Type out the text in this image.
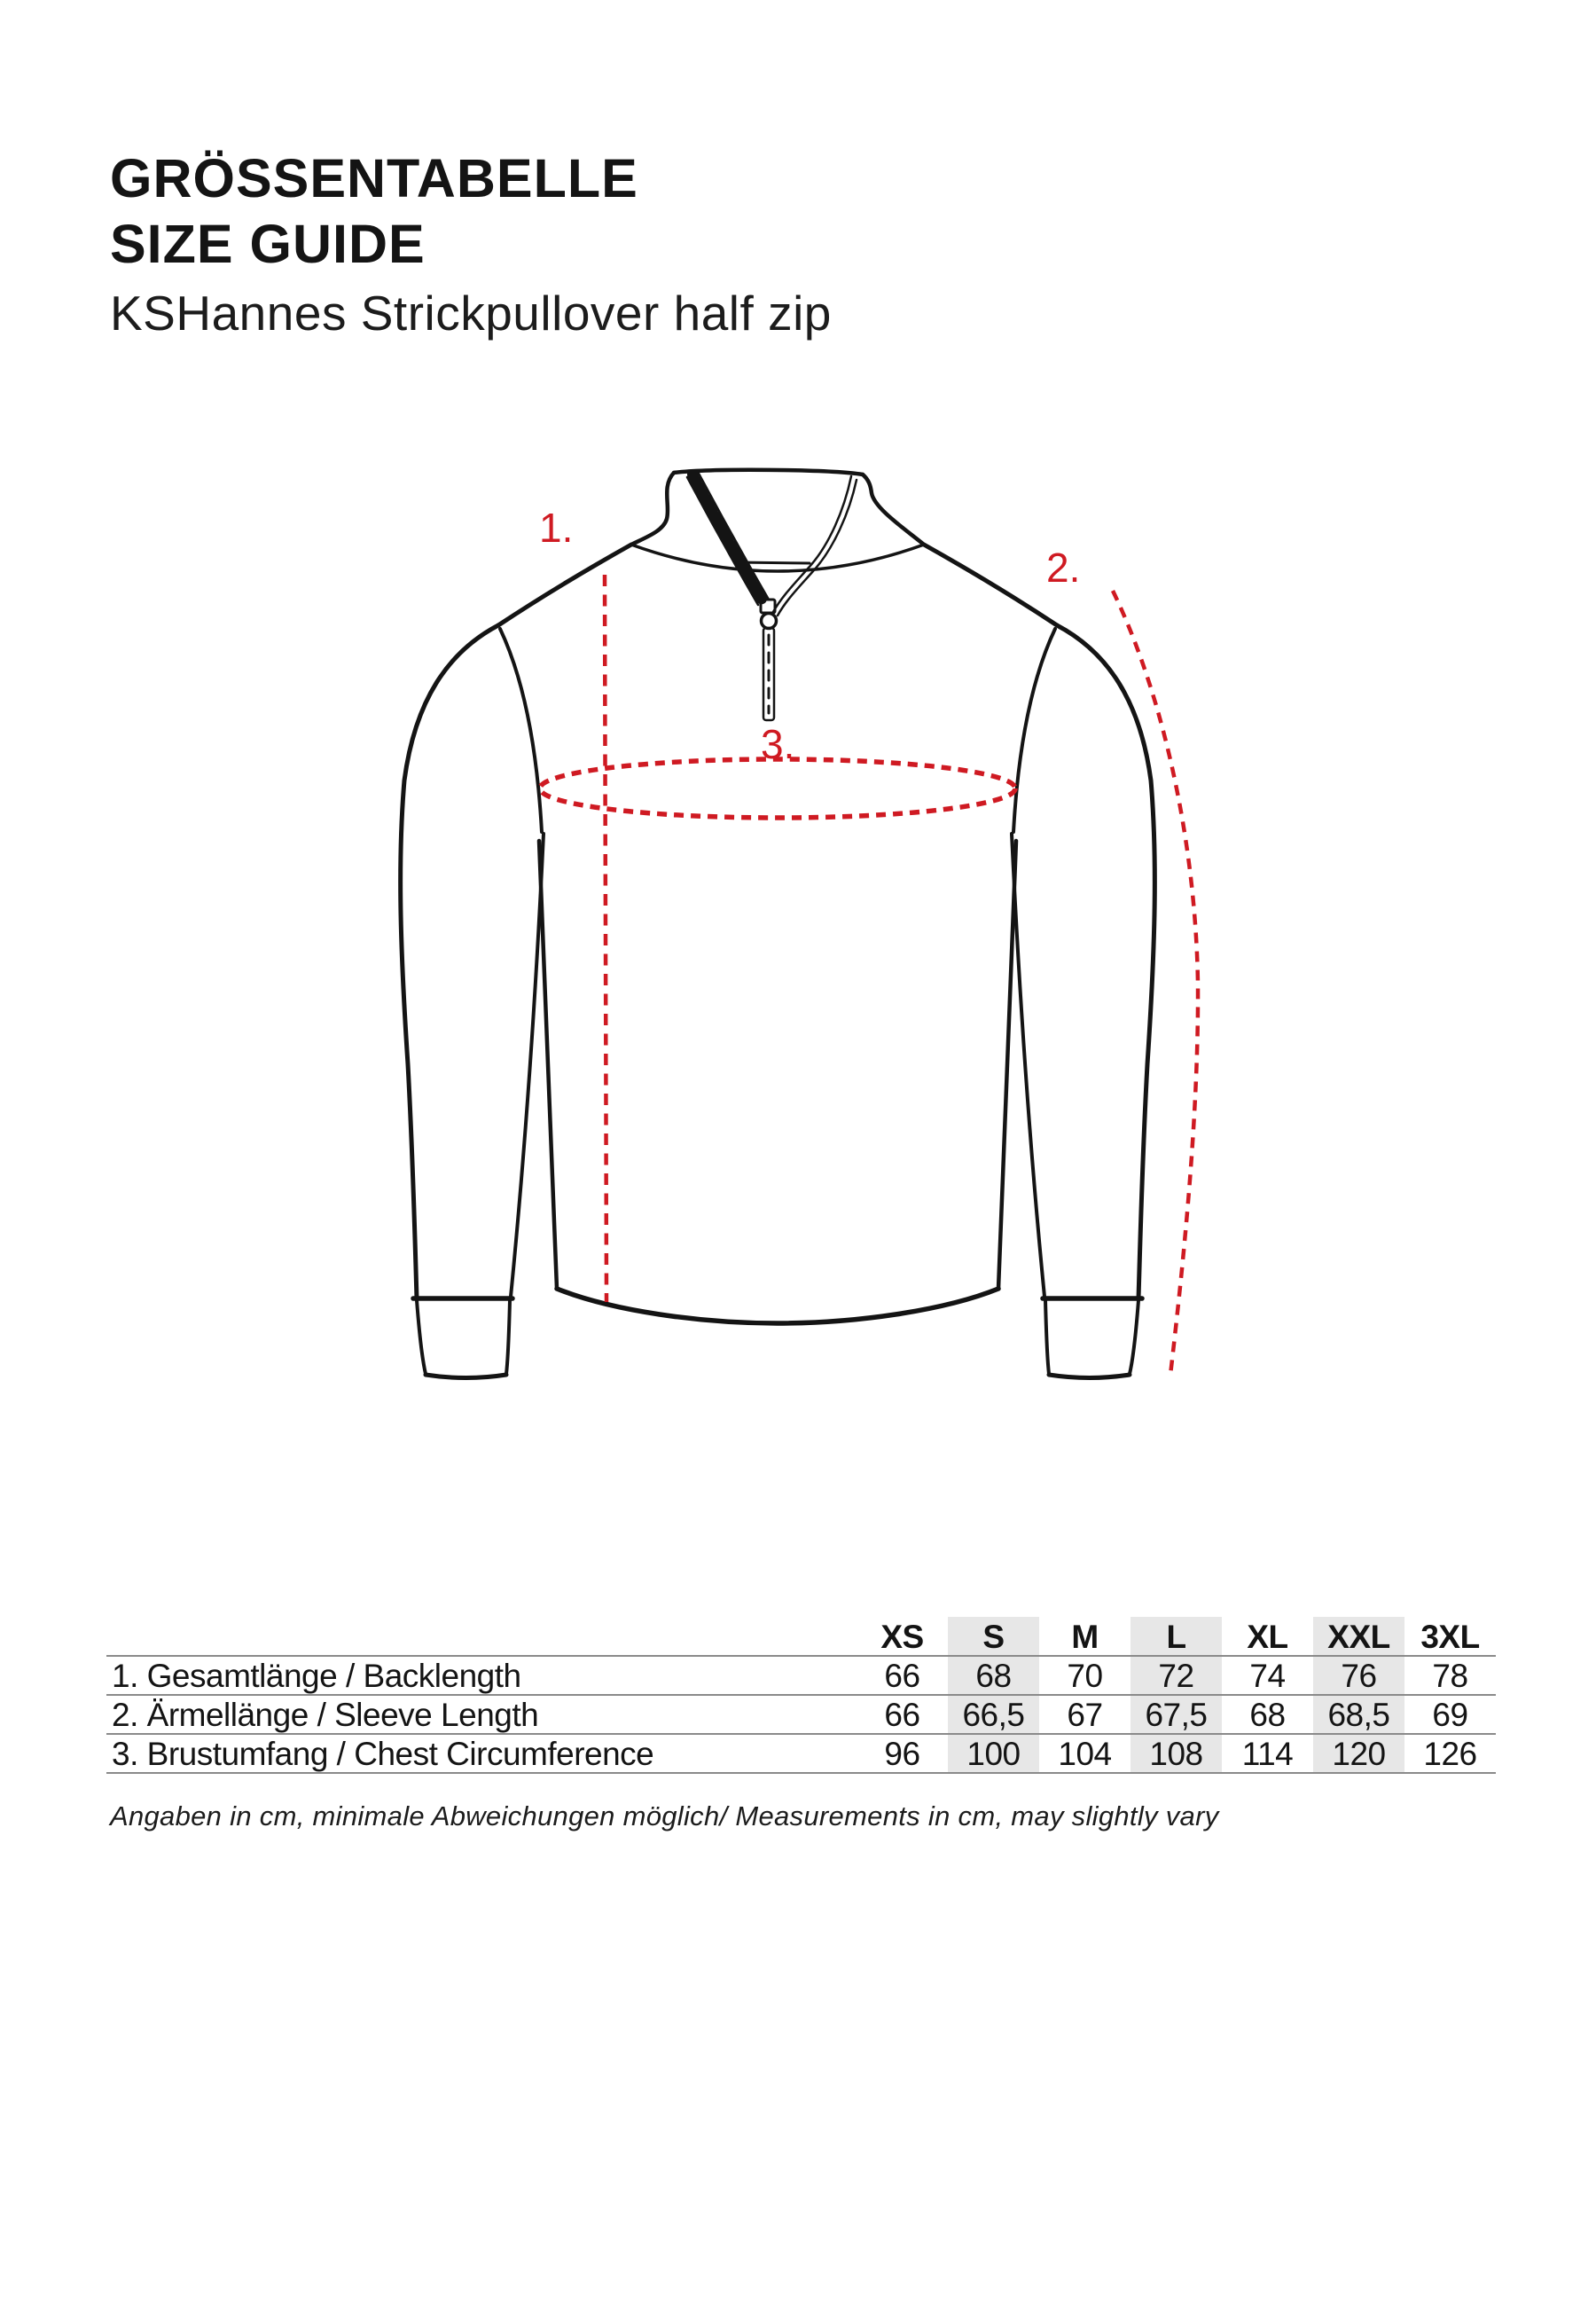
GRÖSSENTABELLE
SIZE GUIDE
KSHannes Strickpullover half zip
1.
2.
3.
XS	S	M	L	XL	XXL 3XL
1. Gesamtlänge / Backlength	66	68	70	72	74	76	78
2. Ärmellänge / Sleeve Length	66	66,5	67	67,5	68	68,5	69
3. Brustumfang / Chest Circumference	96	100	104	108	114	120	126
Angaben in cm, minimale Abweichungen möglich/ Measurements in cm, may slightly vary
